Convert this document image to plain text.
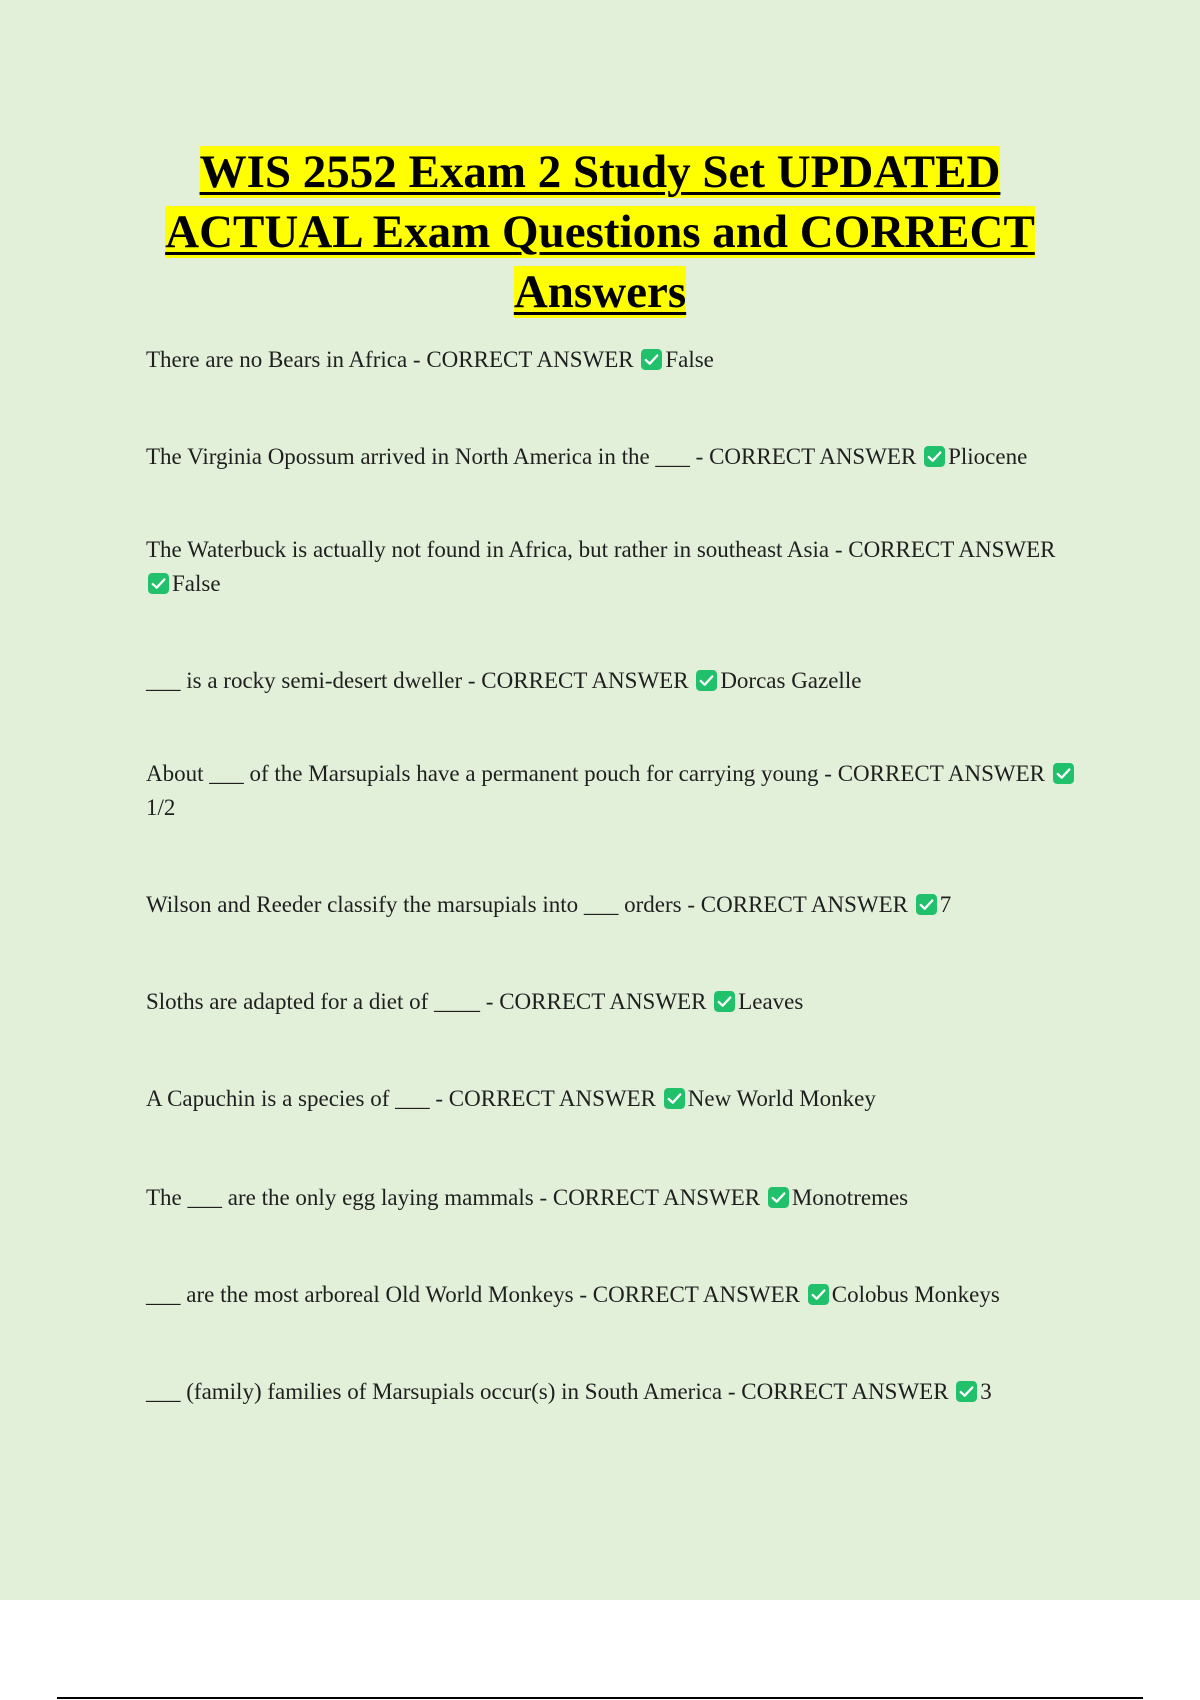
WIS 2552 Exam 2 Study Set UPDATED
ACTUAL Exam Questions and CORRECT
Answers

There are no Bears in Africa - CORRECT ANSWER False

The Virginia Opossum arrived in North America in the ___ - CORRECT ANSWER Pliocene

The Waterbuck is actually not found in Africa, but rather in southeast Asia - CORRECT ANSWER
False

___ is a rocky semi-desert dweller - CORRECT ANSWER Dorcas Gazelle

About ___ of the Marsupials have a permanent pouch for carrying young - CORRECT ANSWER
1/2

Wilson and Reeder classify the marsupials into ___ orders - CORRECT ANSWER 7

Sloths are adapted for a diet of ____ - CORRECT ANSWER Leaves

A Capuchin is a species of ___ - CORRECT ANSWER New World Monkey

The ___ are the only egg laying mammals - CORRECT ANSWER Monotremes

___ are the most arboreal Old World Monkeys - CORRECT ANSWER Colobus Monkeys

___ (family) families of Marsupials occur(s) in South America - CORRECT ANSWER 3
